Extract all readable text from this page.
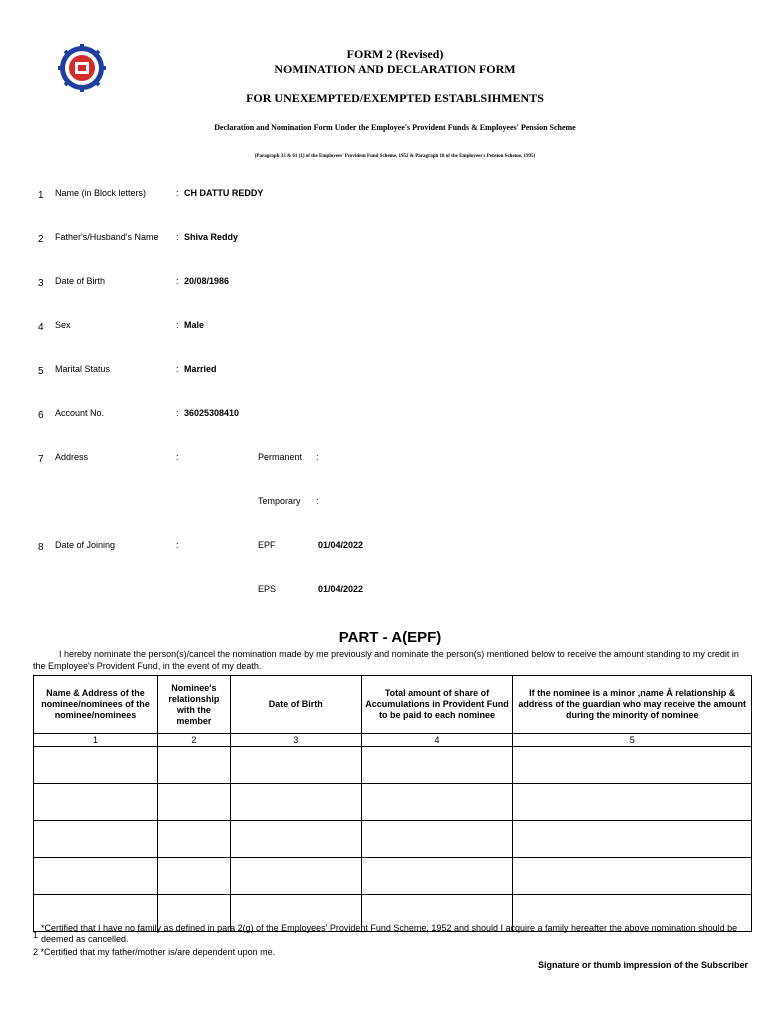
FORM 2 (Revised)
NOMINATION AND DECLARATION FORM
FOR UNEXEMPTED/EXEMPTED ESTABLSIHMENTS
Declaration and Nomination Form Under the Employee's Provident Funds & Employees' Pension Scheme
(Paragraph 33 & 61 (1) of the Employees' Provident Fund Scheme, 1952 & Paragraph 18 of the Employees's Pension Scheme, 1995)
1 Name (in Block letters)	: CH DATTU REDDY
2 Father's/Husband's Name : Shiva Reddy
3 Date of Birth	: 20/08/1986
4 Sex	: Male
5 Marital Status	: Married
6 Account No.	: 36025308410
7 Address	:	Permanent :
Temporary :
8 Date of Joining	:	EPF	01/04/2022
EPS	01/04/2022
PART - A(EPF)
I hereby nominate the person(s)/cancel the nomination made by me previously and nominate the person(s) mentioned below to receive the amount standing to my credit in the Employee's Provident Fund, in the event of my death.
Name & Address of the nominee/nominees of the nominee/nominees	Nominee's relationship with the member	Date of Birth	Total amount of share of Accumulations in Provident Fund to be paid to each nominee	If the nominee is a minor ,name Á relationship & address of the guardian who may receive the amount during the minority of nominee
1	2	3	4	5

1
*Certified that I have no family as defined in para 2(g) of the Employees' Provident Fund Scheme, 1952 and should I acquire a family hereafter the above nomination should be deemed as cancelled.
2 *Certified that my father/mother is/are dependent upon me.
Signature or thumb impression of the Subscriber
